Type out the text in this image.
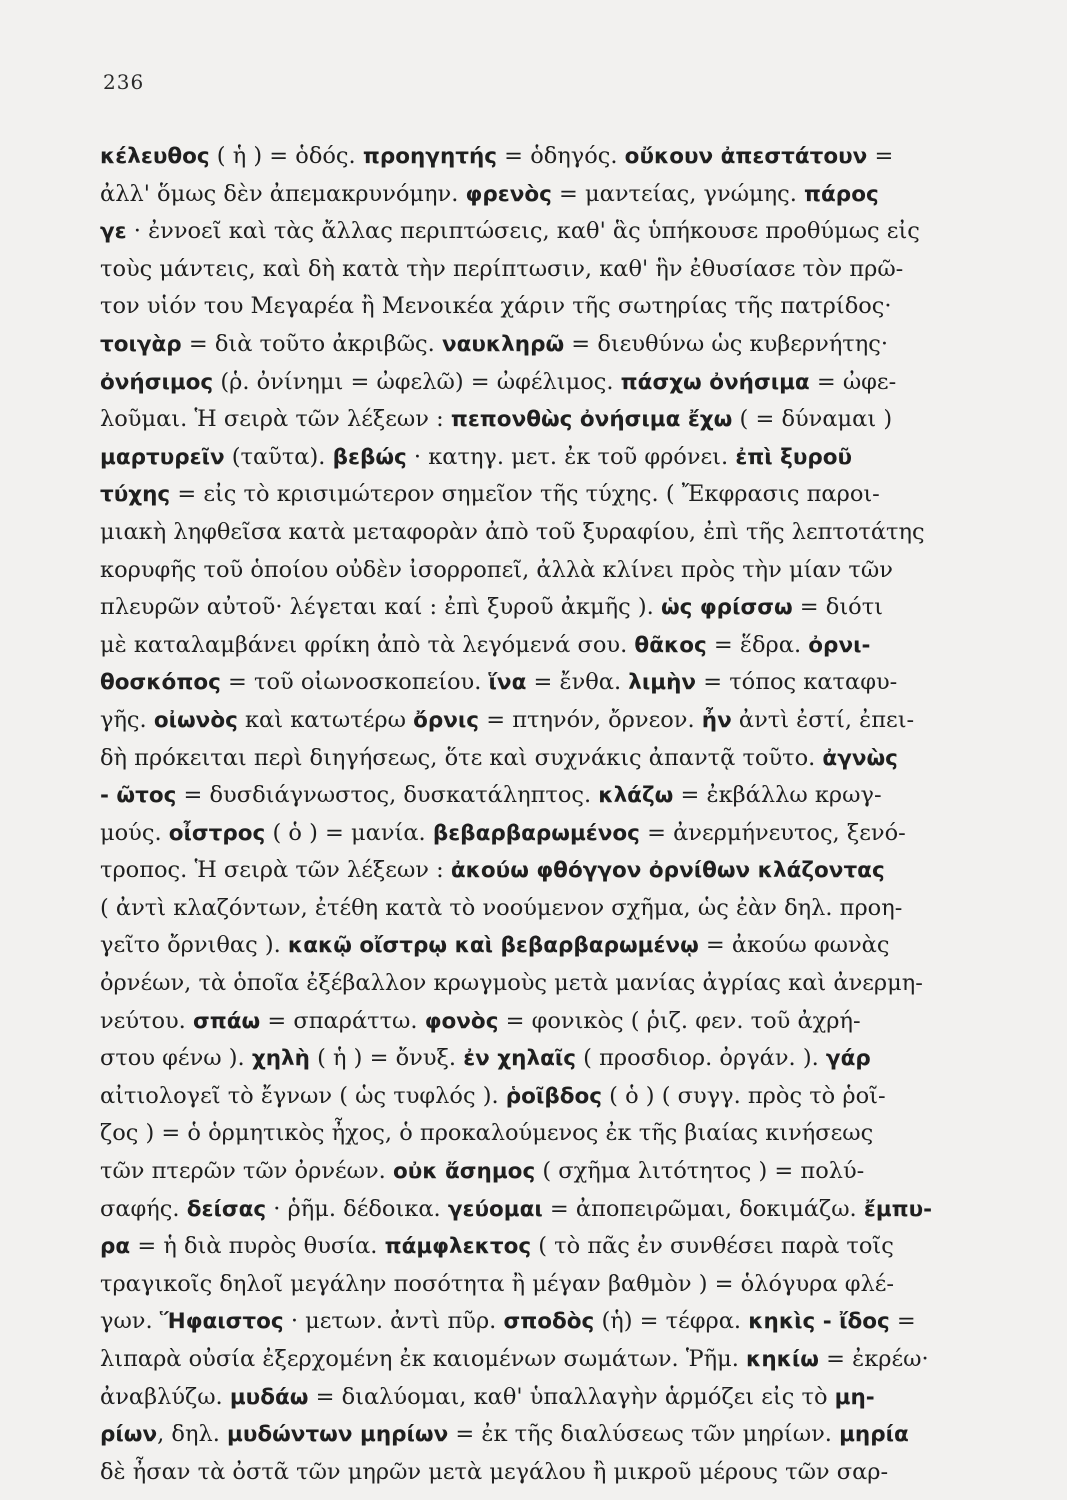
236
κέλευθος ( ἡ ) = ὁδός. προηγητής = ὁδηγός. οὔκουν ἀπεστάτουν =
ἀλλ' ὅμως δὲν ἀπεμακρυνόμην. φρενὸς = μαντείας, γνώμης. πάρος
γε · ἐννοεῖ καὶ τὰς ἄλλας περιπτώσεις, καθ' ἃς ὑπήκουσε προθύμως εἰς
τοὺς μάντεις, καὶ δὴ κατὰ τὴν περίπτωσιν, καθ' ἣν ἐθυσίασε τὸν πρῶ-
τον υἱόν του Μεγαρέα ἢ Μενοικέα χάριν τῆς σωτηρίας τῆς πατρίδος·
τοιγὰρ = διὰ τοῦτο ἀκριβῶς. ναυκληρῶ = διευθύνω ὡς κυβερνήτης·
ὀνήσιμος (ῥ. ὀνίνημι = ὠφελῶ) = ὠφέλιμος. πάσχω ὀνήσιμα = ὠφε-
λοῦμαι. Ἡ σειρὰ τῶν λέξεων : πεπονθὼς ὀνήσιμα ἔχω ( = δύναμαι )
μαρτυρεῖν (ταῦτα). βεβώς · κατηγ. μετ. ἐκ τοῦ φρόνει. ἐπὶ ξυροῦ
τύχης = εἰς τὸ κρισιμώτερον σημεῖον τῆς τύχης. ( Ἔκφρασις παροι-
μιακὴ ληφθεῖσα κατὰ μεταφορὰν ἀπὸ τοῦ ξυραφίου, ἐπὶ τῆς λεπτοτάτης
κορυφῆς τοῦ ὁποίου οὐδὲν ἰσορροπεῖ, ἀλλὰ κλίνει πρὸς τὴν μίαν τῶν
πλευρῶν αὐτοῦ· λέγεται καί : ἐπὶ ξυροῦ ἀκμῆς ). ὡς φρίσσω = διότι
μὲ καταλαμβάνει φρίκη ἀπὸ τὰ λεγόμενά σου. θᾶκος = ἕδρα. ὀρνι-
θοσκόπος = τοῦ οἰωνοσκοπείου. ἵνα = ἔνθα. λιμὴν = τόπος καταφυ-
γῆς. οἰωνὸς καὶ κατωτέρω ὄρνις = πτηνόν, ὄρνεον. ἦν ἀντὶ ἐστί, ἐπει-
δὴ πρόκειται περὶ διηγήσεως, ὅτε καὶ συχνάκις ἀπαντᾷ τοῦτο. ἀγνὼς
- ῶτος = δυσδιάγνωστος, δυσκατάληπτος. κλάζω = ἐκβάλλω κρωγ-
μούς. οἶστρος ( ὁ ) = μανία. βεβαρβαρωμένος = ἀνερμήνευτος, ξενό-
τροπος. Ἡ σειρὰ τῶν λέξεων : ἀκούω φθόγγον ὀρνίθων κλάζοντας
( ἀντὶ κλαζόντων, ἐτέθη κατὰ τὸ νοούμενον σχῆμα, ὡς ἐὰν δηλ. προη-
γεῖτο ὄρνιθας ). κακῷ οἴστρῳ καὶ βεβαρβαρωμένῳ = ἀκούω φωνὰς
ὀρνέων, τὰ ὁποῖα ἐξέβαλλον κρωγμοὺς μετὰ μανίας ἀγρίας καὶ ἀνερμη-
νεύτου. σπάω = σπαράττω. φονὸς = φονικὸς ( ῥιζ. φεν. τοῦ ἀχρή-
στου φένω ). χηλὴ ( ἡ ) = ὄνυξ. ἐν χηλαῖς ( προσδιορ. ὀργάν. ). γάρ
αἰτιολογεῖ τὸ ἔγνων ( ὡς τυφλός ). ῥοῖβδος ( ὁ ) ( συγγ. πρὸς τὸ ῥοῖ-
ζος ) = ὁ ὁρμητικὸς ἦχος, ὁ προκαλούμενος ἐκ τῆς βιαίας κινήσεως
τῶν πτερῶν τῶν ὀρνέων. οὐκ ἄσημος ( σχῆμα λιτότητος ) = πολύ-
σαφής. δείσας · ῥῆμ. δέδοικα. γεύομαι = ἀποπειρῶμαι, δοκιμάζω. ἔμπυ-
ρα = ἡ διὰ πυρὸς θυσία. πάμφλεκτος ( τὸ πᾶς ἐν συνθέσει παρὰ τοῖς
τραγικοῖς δηλοῖ μεγάλην ποσότητα ἢ μέγαν βαθμὸν ) = ὁλόγυρα φλέ-
γων. Ἥφαιστος · μετων. ἀντὶ πῦρ. σποδὸς (ἡ) = τέφρα. κηκὶς - ἴδος =
λιπαρὰ οὐσία ἐξερχομένη ἐκ καιομένων σωμάτων. Ῥῆμ. κηκίω = ἐκρέω·
ἀναβλύζω. μυδάω = διαλύομαι, καθ' ὑπαλλαγὴν ἁρμόζει εἰς τὸ μη-
ρίων, δηλ. μυδώντων μηρίων = ἐκ τῆς διαλύσεως τῶν μηρίων. μηρία
δὲ ἦσαν τὰ ὀστᾶ τῶν μηρῶν μετὰ μεγάλου ἢ μικροῦ μέρους τῶν σαρ-
